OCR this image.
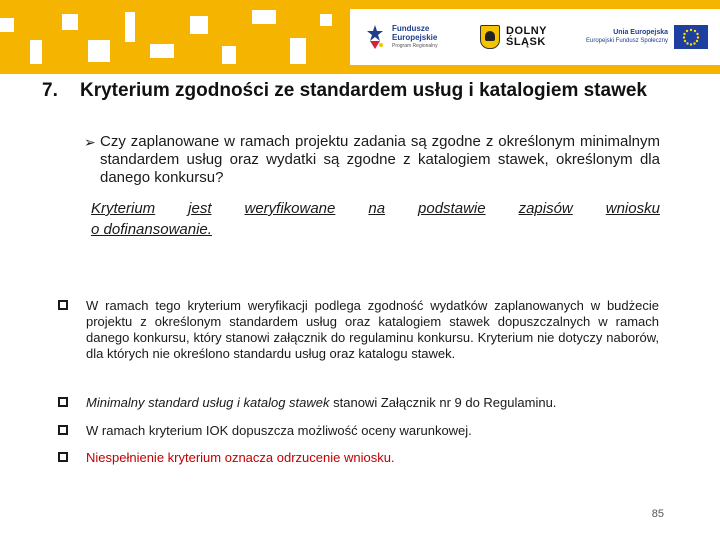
Fundusze
Europejskie
Program Regionalny
DOLNY
ŚLĄSK
Unia Europejska
Europejski Fundusz Społeczny
7. Kryterium zgodności ze standardem usług i katalogiem stawek
➢ Czy zaplanowane w ramach projektu zadania są zgodne z określonym minimalnym standardem usług oraz wydatki są zgodne z katalogiem stawek, określonym dla danego konkursu?
Kryterium jest weryfikowane na podstawie zapisów wniosku
o dofinansowanie.
W ramach tego kryterium weryfikacji podlega zgodność wydatków zaplanowanych w budżecie projektu z określonym standardem usług oraz katalogiem stawek dopuszczalnych w ramach danego konkursu, który stanowi załącznik do regulaminu konkursu. Kryterium nie dotyczy naborów, dla których nie określono standardu usług oraz katalogu stawek.
Minimalny standard usług i katalog stawek stanowi Załącznik nr 9 do Regulaminu.
W ramach kryterium IOK dopuszcza możliwość oceny warunkowej.
Niespełnienie kryterium oznacza odrzucenie wniosku.
85
